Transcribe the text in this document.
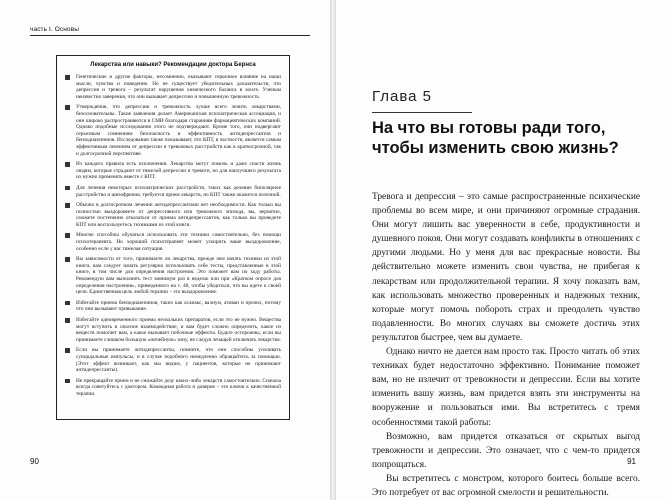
часть I. Основы
Лекарства или навыки? Рекомендации доктора Бернса
Генетические и другие факторы, несомненно, оказывают серьезное влияние на наши мысли, чувства и поведение. Но не существует убедительных доказательств, что депрессия и тревога – результат нарушения химического баланса в мозге. Ученым неизвестно заверения, что они вызывает депрессию и повышенную тревожность.
Утверждения, что депрессию и тревожность лучше всего лечить лекарствами, безосновательны. Такие заявления делает Американская психиатрическая ассоциация, и они широко распространяются в СМИ благодаря стараниям фармацевтических компаний. Однако подобные исследования этого не подтверждают. Кроме того, они подвергают серьезным сомнениям безопасность и эффективность антидепрессантов и бензодиазепинов. Исследования также показывают, что КПТ, в частности, является самым эффективным лечением от депрессии и тревожных расстройств как в краткосрочной, так и долгосрочной перспективе.
Из каждого правила есть исключения. Лекарства могут помочь и даже спасти жизнь людям, которые страдают от тяжелой депрессии и тревоги, но для наилучшего результата их нужно применять вместе с КПТ.
Для лечения некоторых психиатрических расстройств, таких как деление биполярное расстройство и шизофрения, требуется прием лекарств, но КПТ также окажется полезной.
Обычно в долгосрочном лечении антидепрессантами нет необходимости. Как только вы полностью выздоровеете от депрессивного или тревожного эпизода, вы, вероятно, сможете постепенно отказаться от приема антидепрессантов, как только вы проведете КПТ или воспользуетесь техниками из этой книги.
Многие способны обучаться использовать эти техники самостоятельно, без помощи психотерапевта. Но хороший психотерапевт может ускорить ваше выздоровление, особенно если у вас тяжелая ситуация.
Вы зависимости от того, принимаете ли лекарства, прежде чем начать техники из этой книги, вам следует начать регулярно использовать себе тесты, представленные в этой книге, в том числе для определения настроения. Это поможет вам по ходу работы. Рекомендую вам выполнять тест минимум раз в неделю или при «Кратком опросе для определения настроения», приведенного на с. 48, чтобы убедиться, что вы идете к своей цели. Единственная цель любой терапии – это выздоровление.
Избегайте приема бензодиазепинов, таких как ксанакс, валиум, ативан и прочих, потому что они вызывают привыкание.
Избегайте одновременного приема нескольких препаратов, если это не нужно. Вещества могут вступить в опасное взаимодействие, и вам будет сложно определить, какое из веществ помогает вам, а какое вызывает побочные эффекты. Будьте осторожны, если вы принимаете слишком большую «ничейную» зону, не следуя лечащей отключать лекарства.
Если вы принимаете антидепрессанты, помните, что они способны усиливать суицидальные импульсы, и в случае подобного немедленно обращайтесь за помощью. (Этот эффект возникает, как мы видим, у пациентов, которые не принимают антидепрессанты).
Не прекращайте прием и не снижайте дозу каких-либо лекарств самостоятельно. Сначала всегда советуйтесь с доктором. Командная работа и доверие – это ключи к качественной терапии.
90
Глава 5
На что вы готовы ради того, чтобы изменить свою жизнь?

Тревога и депрессия – это самые распространенные психические проблемы во всем мире, и они причиняют огромные страдания. Они могут лишить вас уверенности в себе, продуктивности и душевного покоя. Они могут создавать конфликты в отношениях с другими людьми. Но у меня для вас прекрасные новости. Вы действительно можете изменить свои чувства, не прибегая к лекарствам или продолжительной терапии. Я хочу показать вам, как использовать множество проверенных и надежных техник, которые могут помочь побороть страх и преодолеть чувство подавленности. Во многих случаях вы сможете достичь этих результатов быстрее, чем вы думаете.

Однако ничто не дается нам просто так. Просто читать об этих техниках будет недостаточно эффективно. Понимание поможет вам, но не излечит от тревожности и депрессии. Если вы хотите изменить вашу жизнь, вам придется взять эти инструменты на вооружение и пользоваться ими. Вы встретитесь с тремя особенностями такой работы:

Возможно, вам придется отказаться от скрытых выгод тревожности и депрессии. Это означает, что с чем-то придется попрощаться.

Вы встретитесь с монстром, которого боитесь больше всего. Это потребует от вас огромной смелости и решительности.

91
